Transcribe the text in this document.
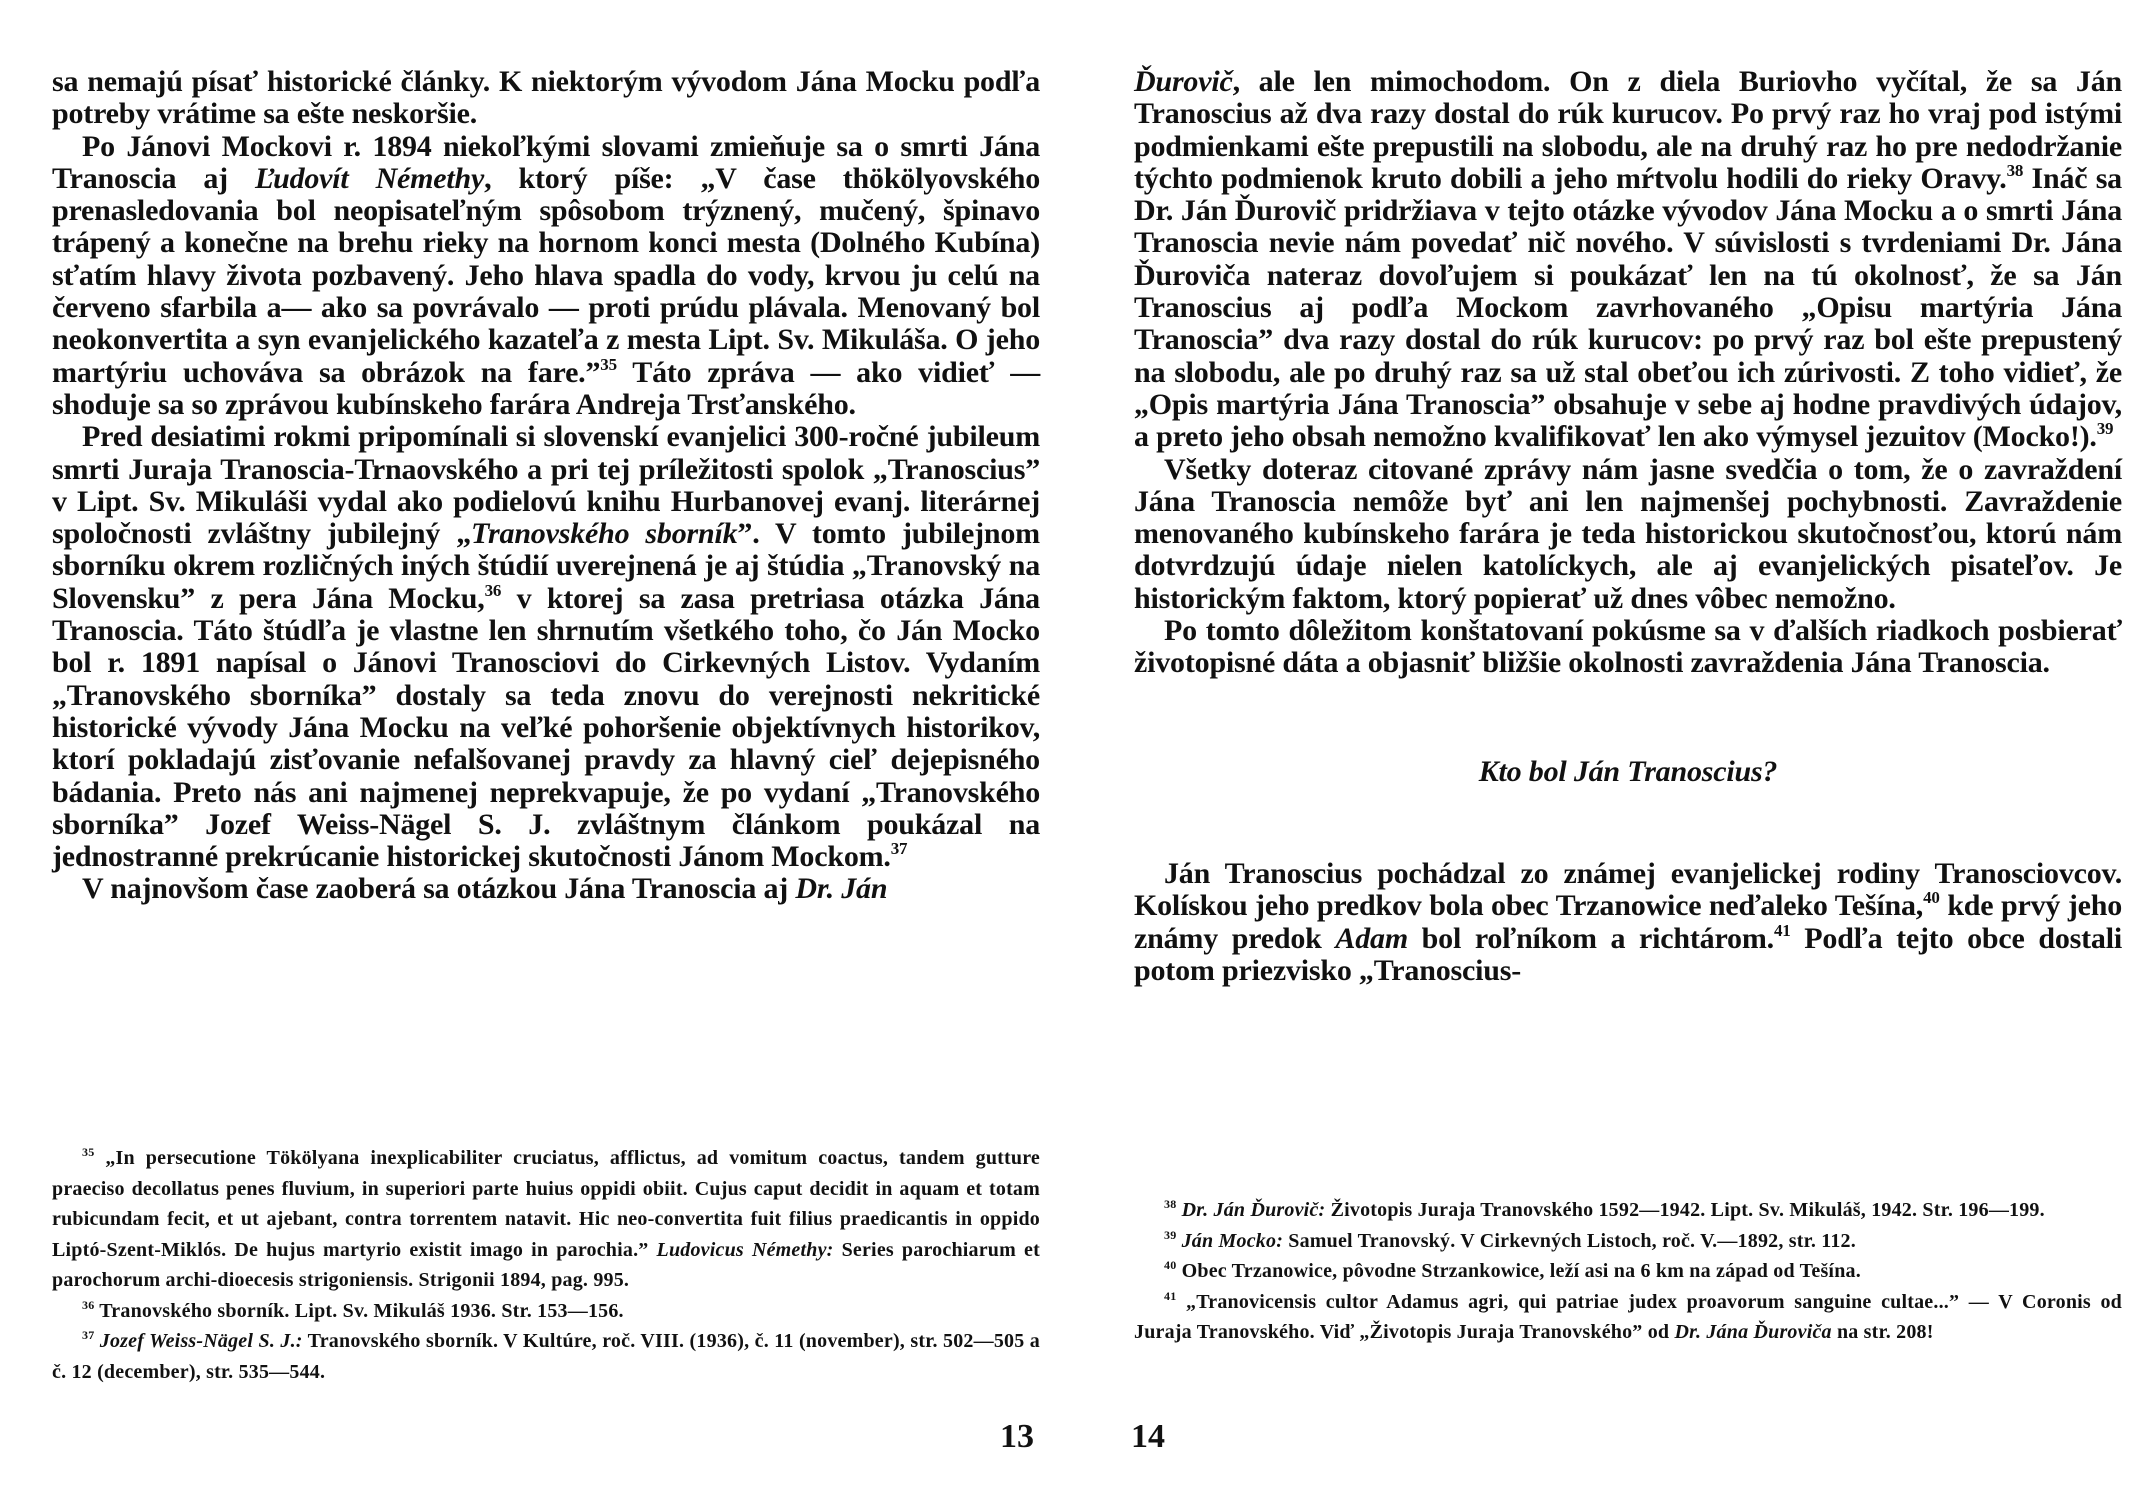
sa nemajú písať historické články. K niektorým vývodom Jána Mocku podľa potreby vrátime sa ešte neskoršie.

Po Jánovi Mockovi r. 1894 niekoľkými slovami zmieňuje sa o smrti Jána Tranoscia aj Ľudovít Némethy, ktorý píše: „V čase thökölyovského prenasledovania bol neopisateľným spôsobom trýznený, mučený, špinavo trápený a konečne na brehu rieky na hornom konci mesta (Dolného Kubína) sťatím hlavy života pozbavený. Jeho hlava spadla do vody, krvou ju celú na červeno sfarbila a— ako sa povrávalo — proti prúdu plávala. Menovaný bol neokonvertita a syn evanjelického kazateľa z mesta Lipt. Sv. Mikuláša. O jeho martýriu uchováva sa obrázok na fare.”$^{35}$ Táto zpráva — ako vidieť — shoduje sa so zprávou kubínskeho farára Andreja Trsťanského.

Pred desiatimi rokmi pripomínali si slovenskí evanjelici 300-ročné jubileum smrti Juraja Tranoscia-Trnaovského a pri tej príležitosti spolok „Tranoscius” v Lipt. Sv. Mikuláši vydal ako podielovú knihu Hurbanovej evanj. literárnej spoločnosti zvláštny jubilejný „Tranovského sborník”. V tomto jubilejnom sborníku okrem rozličných iných štúdií uverejnená je aj štúdia „Tranovský na Slovensku” z pera Jána Mocku,$^{36}$ v ktorej sa zasa pretriasa otázka Jána Tranoscia. Táto štúdľa je vlastne len shrnutím všetkého toho, čo Ján Mocko bol r. 1891 napísal o Jánovi Tranosciovi do Cirkevných Listov. Vydaním „Tranovského sborníka” dostaly sa teda znovu do verejnosti nekritické historické vývody Jána Mocku na veľké pohoršenie objektívnych historikov, ktorí pokladajú zisťovanie nefalšovanej pravdy za hlavný cieľ dejepisného bádania. Preto nás ani najmenej neprekvapuje, že po vydaní „Tranovského sborníka” Jozef Weiss-Nägel S. J. zvláštnym článkom poukázal na jednostranné prekrúcanie historickej skutočnosti Jánom Mockom.$^{37}$

V najnovšom čase zaoberá sa otázkou Jána Tranoscia aj Dr. Ján

$^{35}$ „In persecutione Tökölyana inexplicabiliter cruciatus, afflictus, ad vomitum coactus, tandem gutture praeciso decollatus penes fluvium, in superiori parte huius oppidi obiit. Cujus caput decidit in aquam et totam rubicundam fecit, et ut ajebant, contra torrentem natavit. Hic neo-convertita fuit filius praedicantis in oppido Liptó-Szent-Miklós. De hujus martyrio existit imago in parochia.” Ludovicus Némethy: Series parochiarum et parochorum archi-dioecesis strigoniensis. Strigonii 1894, pag. 995.

$^{36}$ Tranovského sborník. Lipt. Sv. Mikuláš 1936. Str. 153—156.

$^{37}$ Jozef Weiss-Nägel S. J.: Tranovského sborník. V Kultúre, roč. VIII. (1936), č. 11 (november), str. 502—505 a č. 12 (december), str. 535—544.

13

Ďurovič, ale len mimochodom. On z diela Buriovho vyčítal, že sa Ján Tranoscius až dva razy dostal do rúk kurucov. Po prvý raz ho vraj pod istými podmienkami ešte prepustili na slobodu, ale na druhý raz ho pre nedodržanie týchto podmienok kruto dobili a jeho mŕtvolu hodili do rieky Oravy.$^{38}$ Ináč sa Dr. Ján Ďurovič pridržiava v tejto otázke vývodov Jána Mocku a o smrti Jána Tranoscia nevie nám povedať nič nového. V súvislosti s tvrdeniami Dr. Jána Ďuroviča nateraz dovoľujem si poukázať len na tú okolnosť, že sa Ján Tranoscius aj podľa Mockom zavrhovaného „Opisu martýria Jána Tranoscia” dva razy dostal do rúk kurucov: po prvý raz bol ešte prepustený na slobodu, ale po druhý raz sa už stal obeťou ich zúrivosti. Z toho vidieť, že „Opis martýria Jána Tranoscia” obsahuje v sebe aj hodne pravdivých údajov, a preto jeho obsah nemožno kvalifikovať len ako výmysel jezuitov (Mocko!).$^{39}$

Všetky doteraz citované zprávy nám jasne svedčia o tom, že o zavraždení Jána Tranoscia nemôže byť ani len najmenšej pochybnosti. Zavraždenie menovaného kubínskeho farára je teda historickou skutočnosťou, ktorú nám dotvrdzujú údaje nielen katolíckych, ale aj evanjelických pisateľov. Je historickým faktom, ktorý popierať už dnes vôbec nemožno.

Po tomto dôležitom konštatovaní pokúsme sa v ďalších riadkoch posbierať životopisné dáta a objasniť bližšie okolnosti zavraždenia Jána Tranoscia.

Kto bol Ján Tranoscius?

Ján Tranoscius pochádzal zo známej evanjelickej rodiny Tranosciovcov. Kolískou jeho predkov bola obec Trzanowice neďaleko Tešína,$^{40}$ kde prvý jeho známy predok Adam bol roľníkom a richtárom.$^{41}$ Podľa tejto obce dostali potom priezvisko „Tranoscius-

$^{38}$ Dr. Ján Ďurovič: Životopis Juraja Tranovského 1592—1942. Lipt. Sv. Mikuláš, 1942. Str. 196—199.

$^{39}$ Ján Mocko: Samuel Tranovský. V Cirkevných Listoch, roč. V.—1892, str. 112.

$^{40}$ Obec Trzanowice, pôvodne Strzankowice, leží asi na 6 km na západ od Tešína.

$^{41}$ „Tranovicensis cultor Adamus agri, qui patriae judex proavorum sanguine cultae...” — V Coronis od Juraja Tranovského. Viď „Životopis Juraja Tranovského” od Dr. Jána Ďuroviča na str. 208!

14
